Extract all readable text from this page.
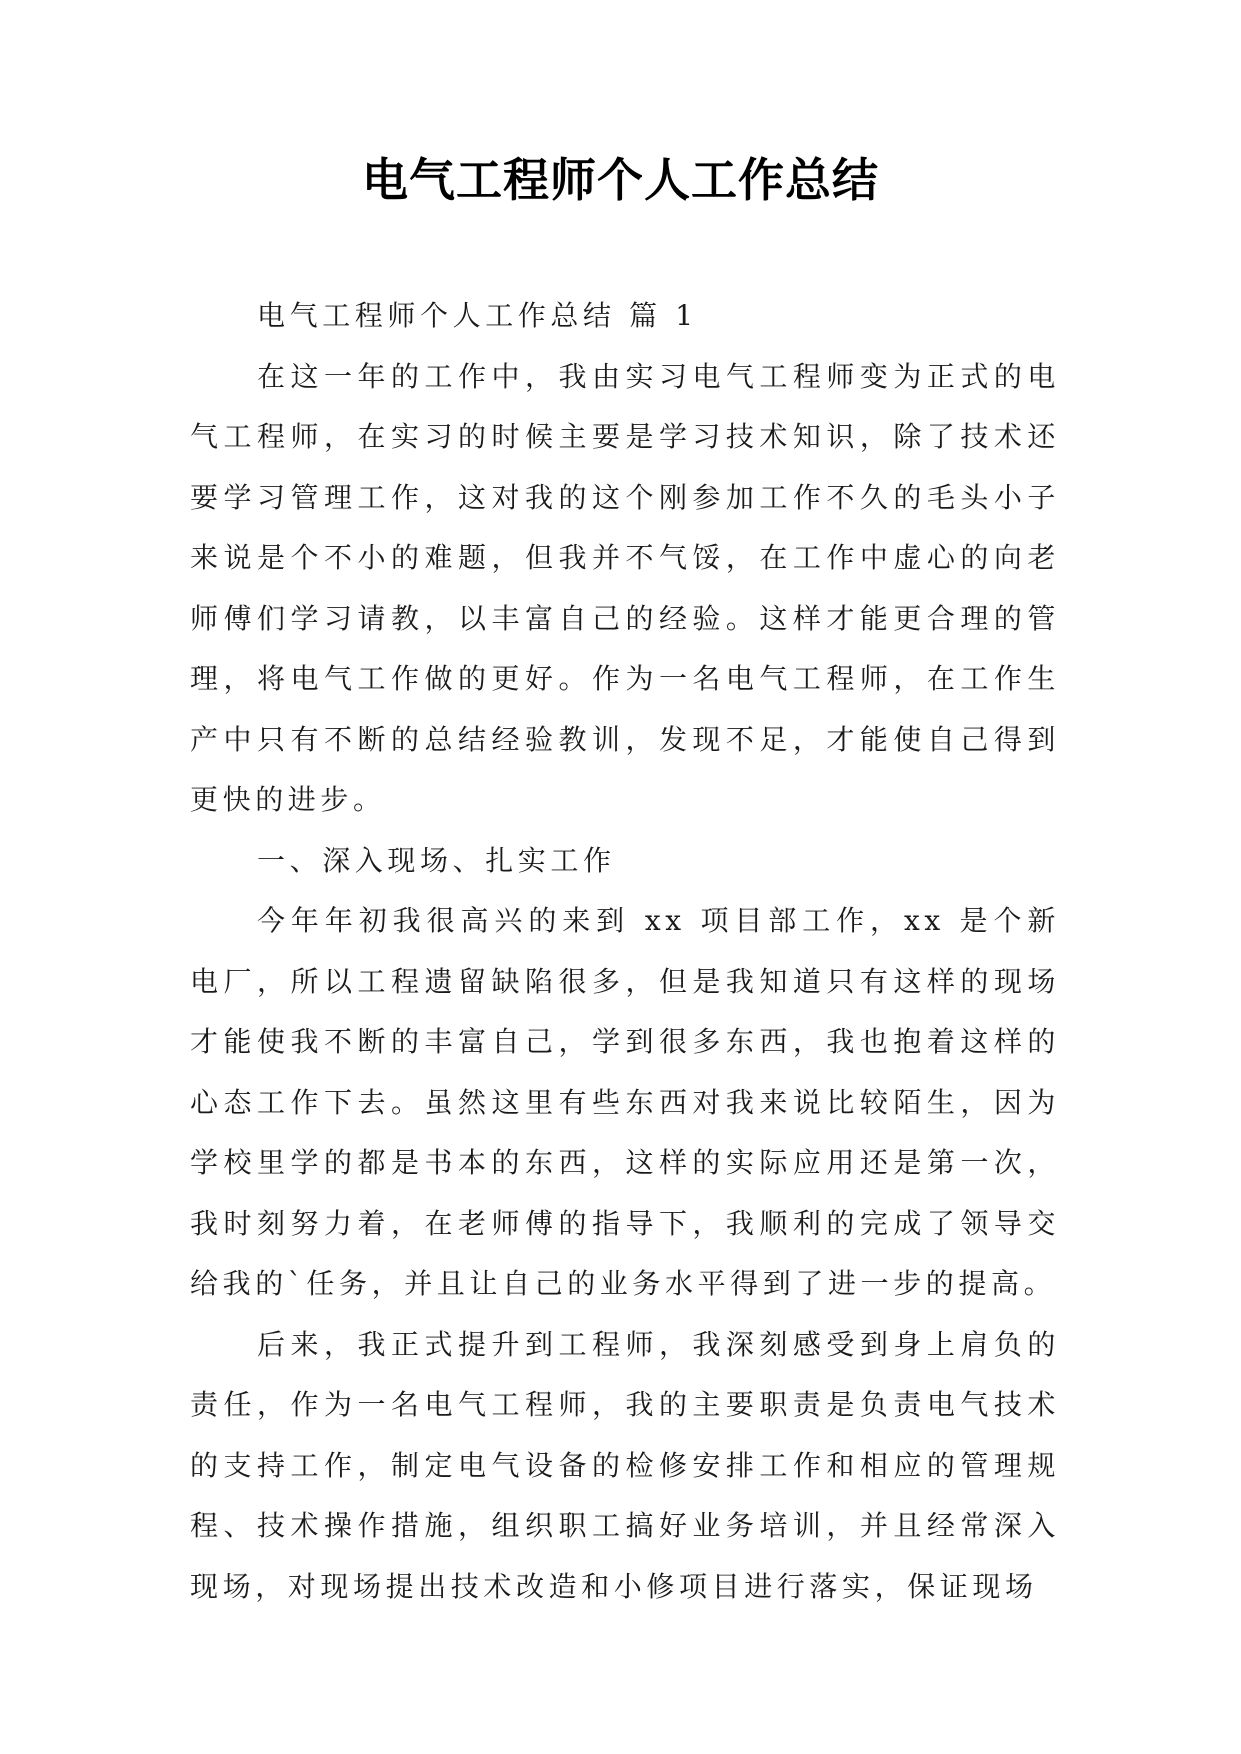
电气工程师个人工作总结

电气工程师个人工作总结 篇 1

在这一年的工作中，我由实习电气工程师变为正式的电气工程师，在实习的时候主要是学习技术知识，除了技术还要学习管理工作，这对我的这个刚参加工作不久的毛头小子来说是个不小的难题，但我并不气馁，在工作中虚心的向老师傅们学习请教，以丰富自己的经验。这样才能更合理的管理，将电气工作做的更好。作为一名电气工程师，在工作生产中只有不断的总结经验教训，发现不足，才能使自己得到更快的进步。

一、深入现场、扎实工作

今年年初我很高兴的来到 xx 项目部工作，xx 是个新电厂，所以工程遗留缺陷很多，但是我知道只有这样的现场才能使我不断的丰富自己，学到很多东西，我也抱着这样的心态工作下去。虽然这里有些东西对我来说比较陌生，因为学校里学的都是书本的东西，这样的实际应用还是第一次，我时刻努力着，在老师傅的指导下，我顺利的完成了领导交给我的`任务，并且让自己的业务水平得到了进一步的提高。

后来，我正式提升到工程师，我深刻感受到身上肩负的责任，作为一名电气工程师，我的主要职责是负责电气技术的支持工作，制定电气设备的检修安排工作和相应的管理规程、技术操作措施，组织职工搞好业务培训，并且经常深入现场，对现场提出技术改造和小修项目进行落实，保证现场
